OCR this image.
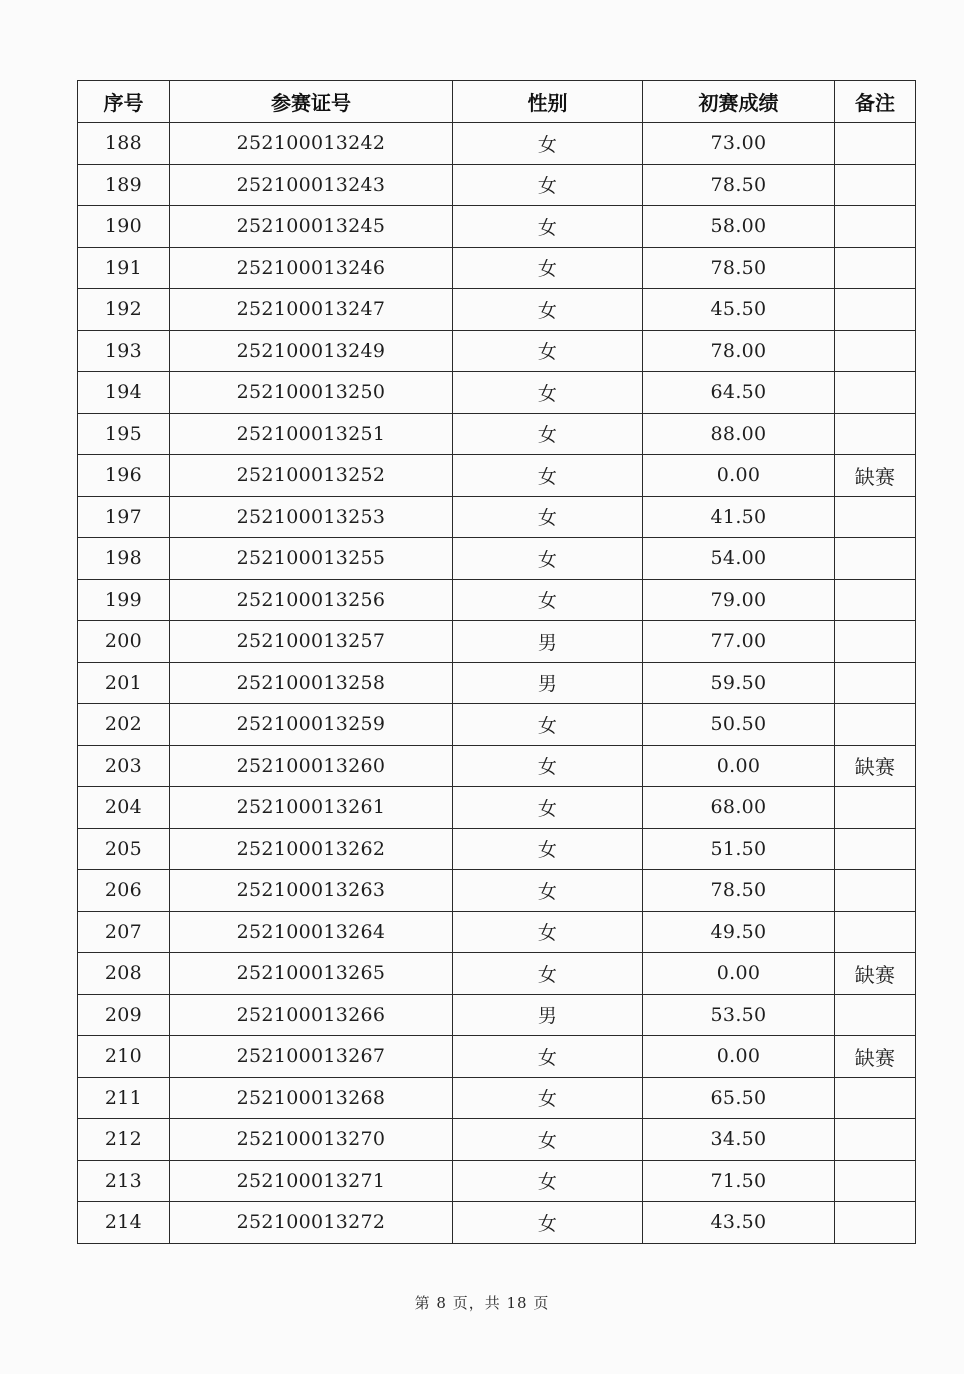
序号	参赛证号	性别	初赛成绩	备注
188	252100013242	女	73.00	
189	252100013243	女	78.50	
190	252100013245	女	58.00	
191	252100013246	女	78.50	
192	252100013247	女	45.50	
193	252100013249	女	78.00	
194	252100013250	女	64.50	
195	252100013251	女	88.00	
196	252100013252	女	0.00	缺赛
197	252100013253	女	41.50	
198	252100013255	女	54.00	
199	252100013256	女	79.00	
200	252100013257	男	77.00	
201	252100013258	男	59.50	
202	252100013259	女	50.50	
203	252100013260	女	0.00	缺赛
204	252100013261	女	68.00	
205	252100013262	女	51.50	
206	252100013263	女	78.50	
207	252100013264	女	49.50	
208	252100013265	女	0.00	缺赛
209	252100013266	男	53.50	
210	252100013267	女	0.00	缺赛
211	252100013268	女	65.50	
212	252100013270	女	34.50	
213	252100013271	女	71.50	
214	252100013272	女	43.50	
第 8 页，共 18 页
